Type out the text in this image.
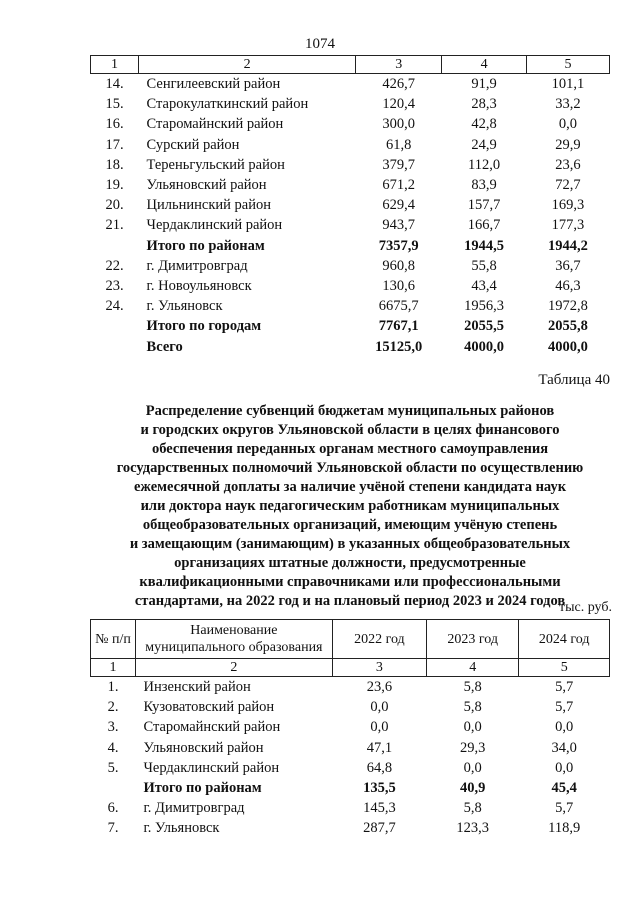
1074
1	2	3	4	5
14.	Сенгилеевский район	426,7	91,9	101,1
15.	Старокулаткинский район	120,4	28,3	33,2
16.	Старомайнский район	300,0	42,8	0,0
17.	Сурский район	61,8	24,9	29,9
18.	Тереньгульский район	379,7	112,0	23,6
19.	Ульяновский район	671,2	83,9	72,7
20.	Цильнинский район	629,4	157,7	169,3
21.	Чердаклинский район	943,7	166,7	177,3
	Итого по районам	7357,9	1944,5	1944,2
22.	г. Димитровград	960,8	55,8	36,7
23.	г. Новоульяновск	130,6	43,4	46,3
24.	г. Ульяновск	6675,7	1956,3	1972,8
	Итого по городам	7767,1	2055,5	2055,8
	Всего	15125,0	4000,0	4000,0
Таблица 40
Распределение субвенций бюджетам муниципальных районов
и городских округов Ульяновской области в целях финансового
обеспечения переданных органам местного самоуправления
государственных полномочий Ульяновской области по осуществлению
ежемесячной доплаты за наличие учёной степени кандидата наук
или доктора наук педагогическим работникам муниципальных
общеобразовательных организаций, имеющим учёную степень
и замещающим (занимающим) в указанных общеобразовательных
организациях штатные должности, предусмотренные
квалификационными справочниками или профессиональными
стандартами, на 2022 год и на плановый период 2023 и 2024 годов
тыс. руб.
№ п/п	Наименование муниципального образования	2022 год	2023 год	2024 год
1	2	3	4	5
1.	Инзенский район	23,6	5,8	5,7
2.	Кузоватовский район	0,0	5,8	5,7
3.	Старомайнский район	0,0	0,0	0,0
4.	Ульяновский район	47,1	29,3	34,0
5.	Чердаклинский район	64,8	0,0	0,0
	Итого по районам	135,5	40,9	45,4
6.	г. Димитровград	145,3	5,8	5,7
7.	г. Ульяновск	287,7	123,3	118,9
